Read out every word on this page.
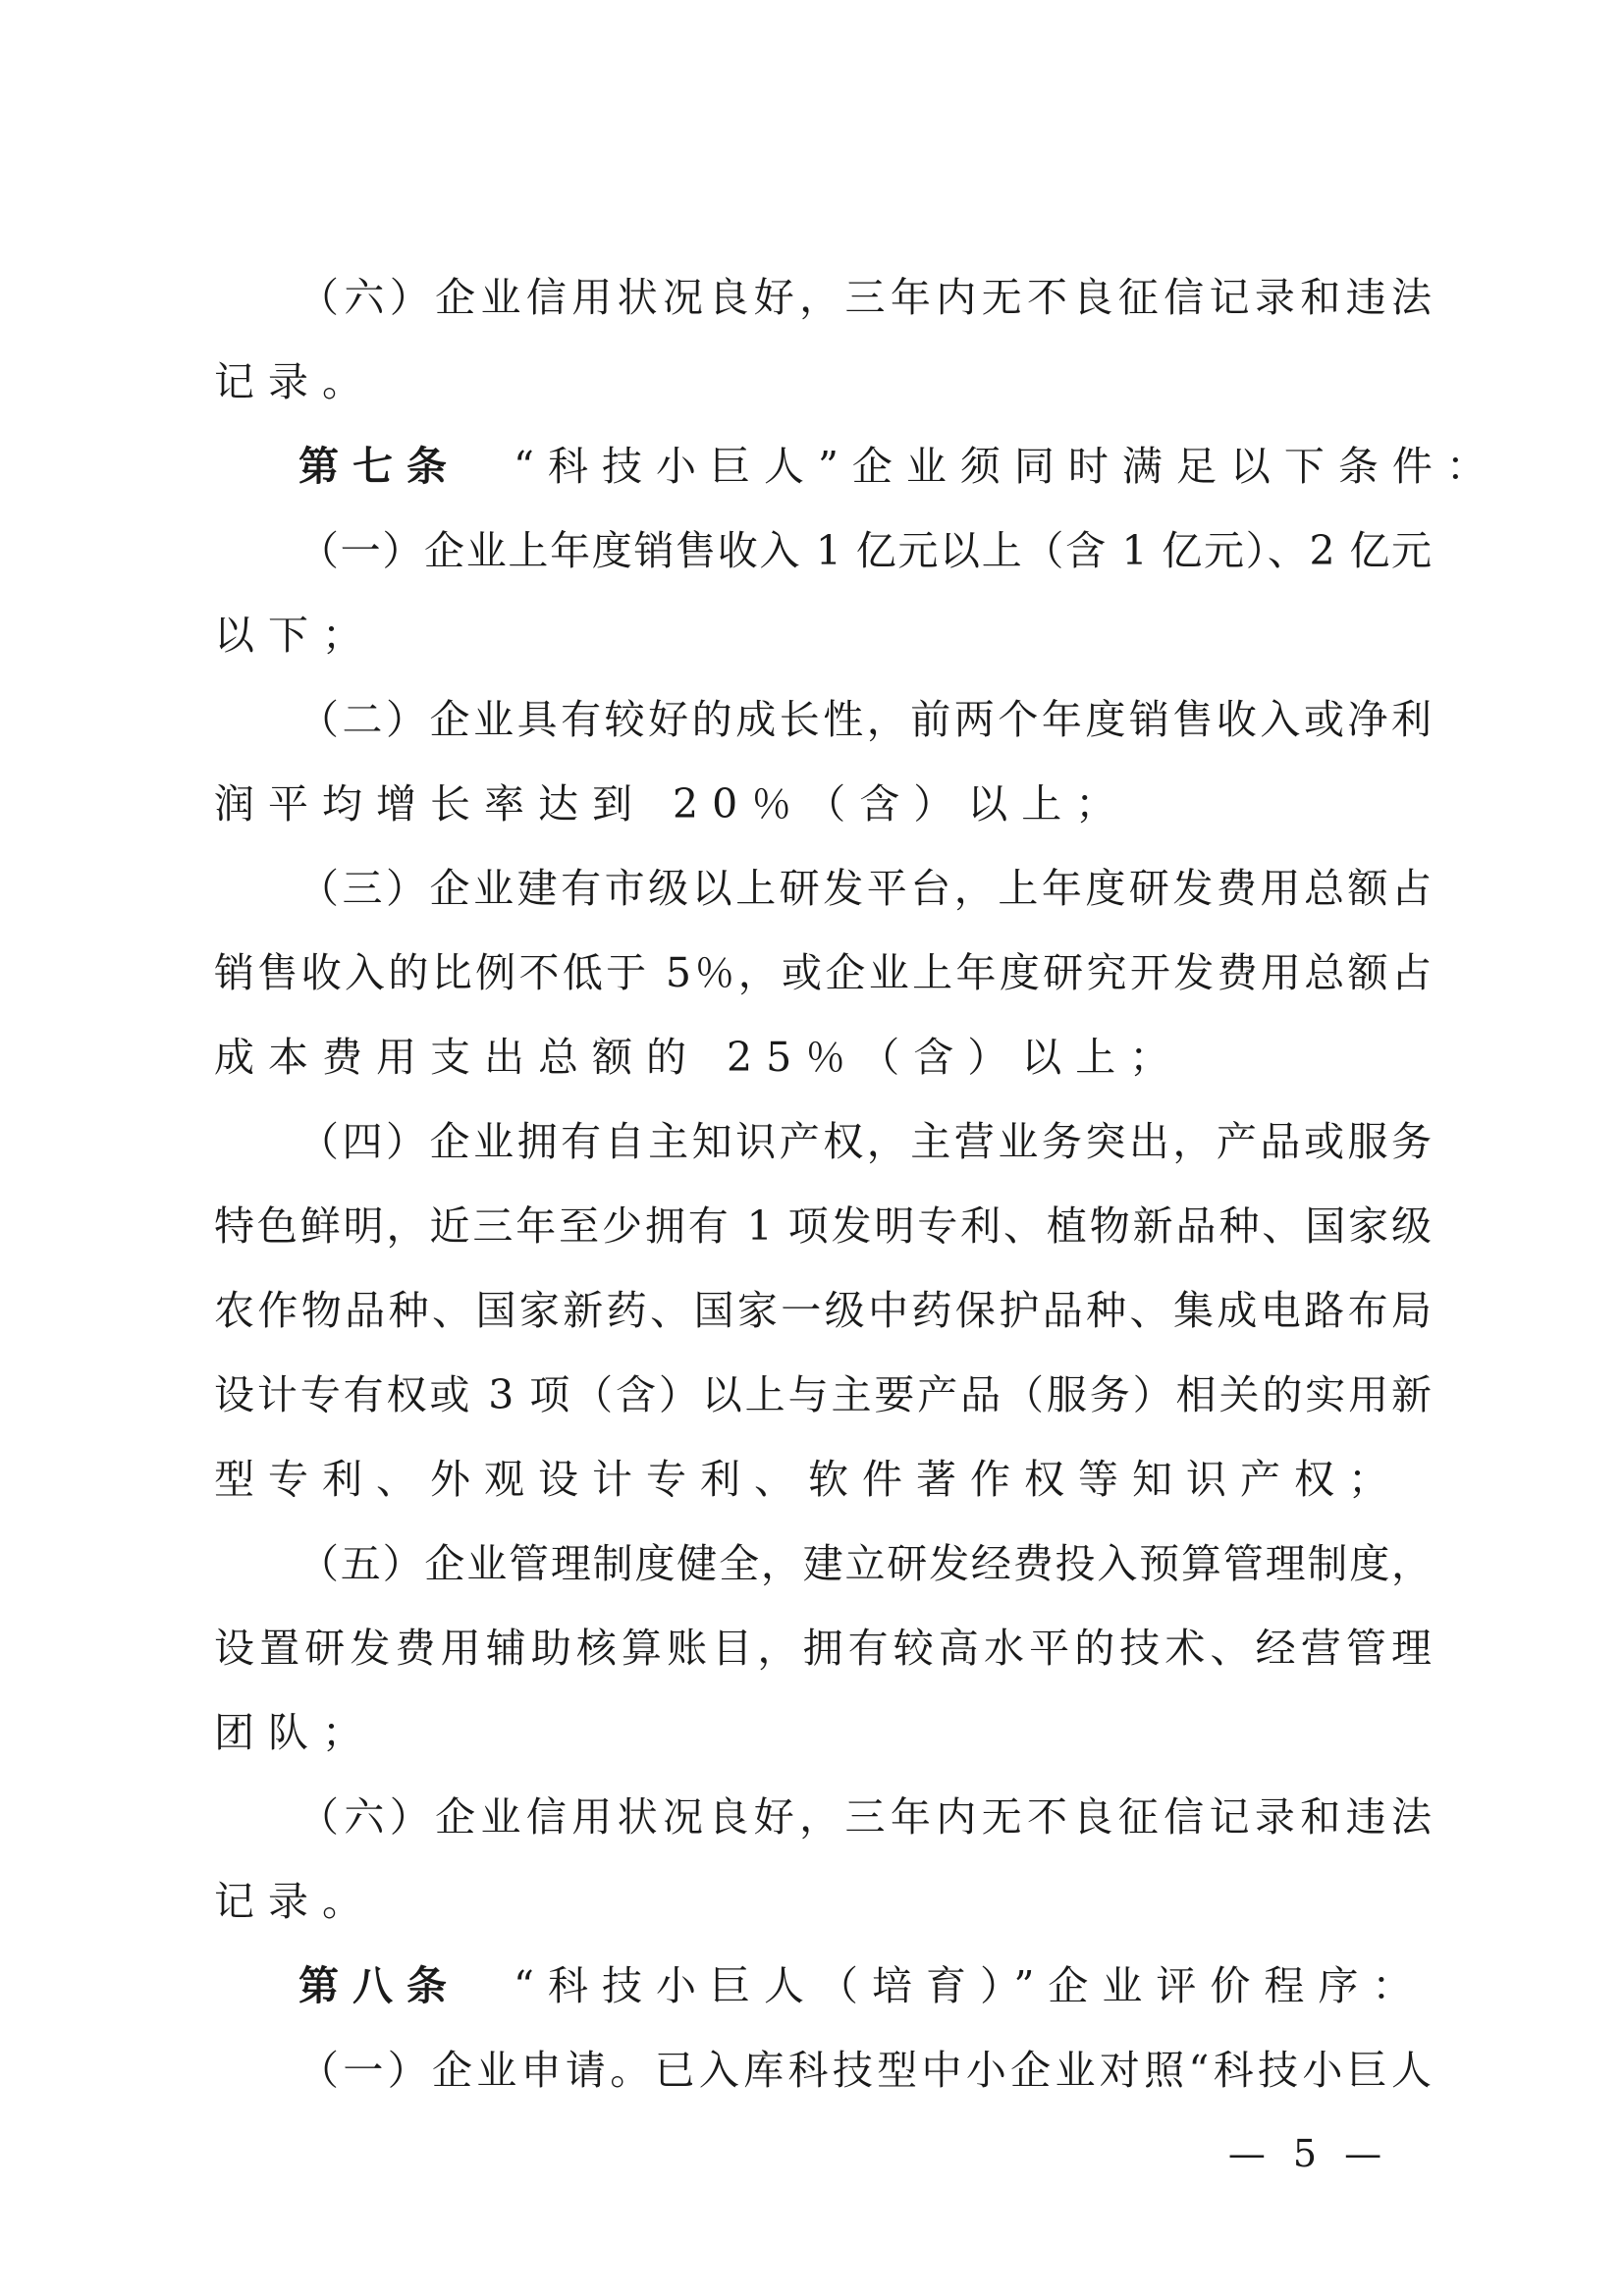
（六）企业信用状况良好，三年内无不良征信记录和违法
记录。
第七条 “科技小巨人”企业须同时满足以下条件：
（一）企业上年度销售收入 1 亿元以上（含 1 亿元）、2 亿元
以下；
（二）企业具有较好的成长性，前两个年度销售收入或净利
润平均增长率达到 20％（含）以上；
（三）企业建有市级以上研发平台，上年度研发费用总额占
销售收入的比例不低于 5％，或企业上年度研究开发费用总额占
成本费用支出总额的 25％（含）以上；
（四）企业拥有自主知识产权，主营业务突出，产品或服务
特色鲜明，近三年至少拥有 1 项发明专利、植物新品种、国家级
农作物品种、国家新药、国家一级中药保护品种、集成电路布局
设计专有权或 3 项（含）以上与主要产品（服务）相关的实用新
型专利、外观设计专利、软件著作权等知识产权；
（五）企业管理制度健全，建立研发经费投入预算管理制度，
设置研发费用辅助核算账目，拥有较高水平的技术、经营管理
团队；
（六）企业信用状况良好，三年内无不良征信记录和违法
记录。
第八条 “科技小巨人（培育）”企业评价程序：
（一）企业申请。已入库科技型中小企业对照“科技小巨人
— 5 —
